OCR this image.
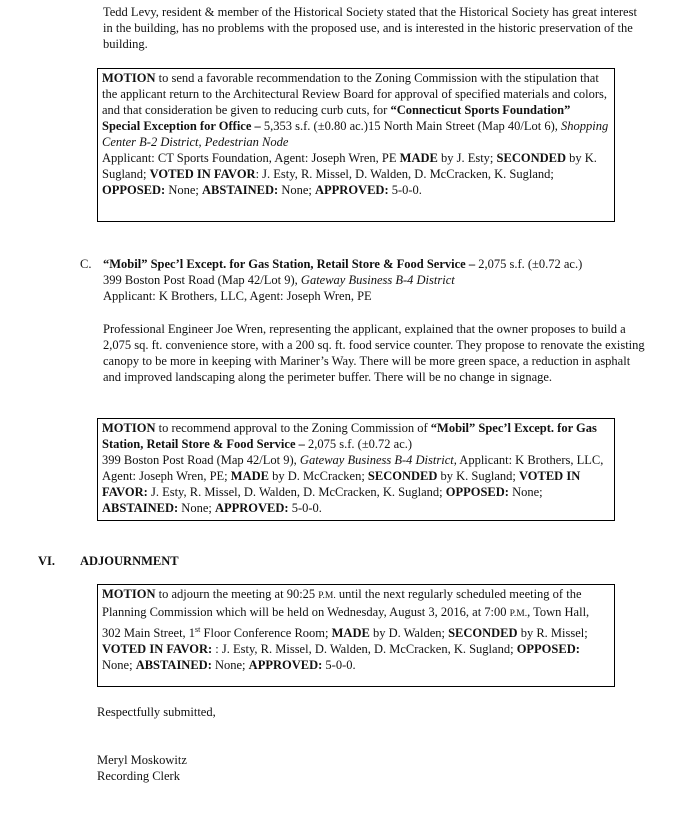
Tedd Levy, resident & member of the Historical Society stated that the Historical Society has great interest in the building, has no problems with the proposed use, and is interested in the historic preservation of the building.

MOTION to send a favorable recommendation to the Zoning Commission with the stipulation that the applicant return to the Architectural Review Board for approval of specified materials and colors, and that consideration be given to reducing curb cuts, for “Connecticut Sports Foundation” Special Exception for Office – 5,353 s.f. (±0.80 ac.)15 North Main Street (Map 40/Lot 6), Shopping Center B-2 District, Pedestrian Node
Applicant: CT Sports Foundation, Agent: Joseph Wren, PE MADE by J. Esty; SECONDED by K. Sugland; VOTED IN FAVOR: J. Esty, R. Missel, D. Walden, D. McCracken, K. Sugland; OPPOSED: None; ABSTAINED: None; APPROVED: 5-0-0.

C. “Mobil” Spec’l Except. for Gas Station, Retail Store & Food Service – 2,075 s.f. (±0.72 ac.)

399 Boston Post Road (Map 42/Lot 9), Gateway Business B-4 District

Applicant: K Brothers, LLC, Agent: Joseph Wren, PE

Professional Engineer Joe Wren, representing the applicant, explained that the owner proposes to build a 2,075 sq. ft. convenience store, with a 200 sq. ft. food service counter. They propose to renovate the existing canopy to be more in keeping with Mariner’s Way. There will be more green space, a reduction in asphalt and improved landscaping along the perimeter buffer. There will be no change in signage.

MOTION to recommend approval to the Zoning Commission of “Mobil” Spec’l Except. for Gas Station, Retail Store & Food Service – 2,075 s.f. (±0.72 ac.)
399 Boston Post Road (Map 42/Lot 9), Gateway Business B-4 District, Applicant: K Brothers, LLC, Agent: Joseph Wren, PE; MADE by D. McCracken; SECONDED by K. Sugland; VOTED IN FAVOR: J. Esty, R. Missel, D. Walden, D. McCracken, K. Sugland; OPPOSED: None; ABSTAINED: None; APPROVED: 5-0-0.

VI. ADJOURNMENT

MOTION to adjourn the meeting at 90:25 P.M. until the next regularly scheduled meeting of the Planning Commission which will be held on Wednesday, August 3, 2016, at 7:00 P.M., Town Hall, 302 Main Street, 1st Floor Conference Room; MADE by D. Walden; SECONDED by R. Missel; VOTED IN FAVOR: : J. Esty, R. Missel, D. Walden, D. McCracken, K. Sugland; OPPOSED: None; ABSTAINED: None; APPROVED: 5-0-0.

Respectfully submitted,
Meryl Moskowitz
Recording Clerk
